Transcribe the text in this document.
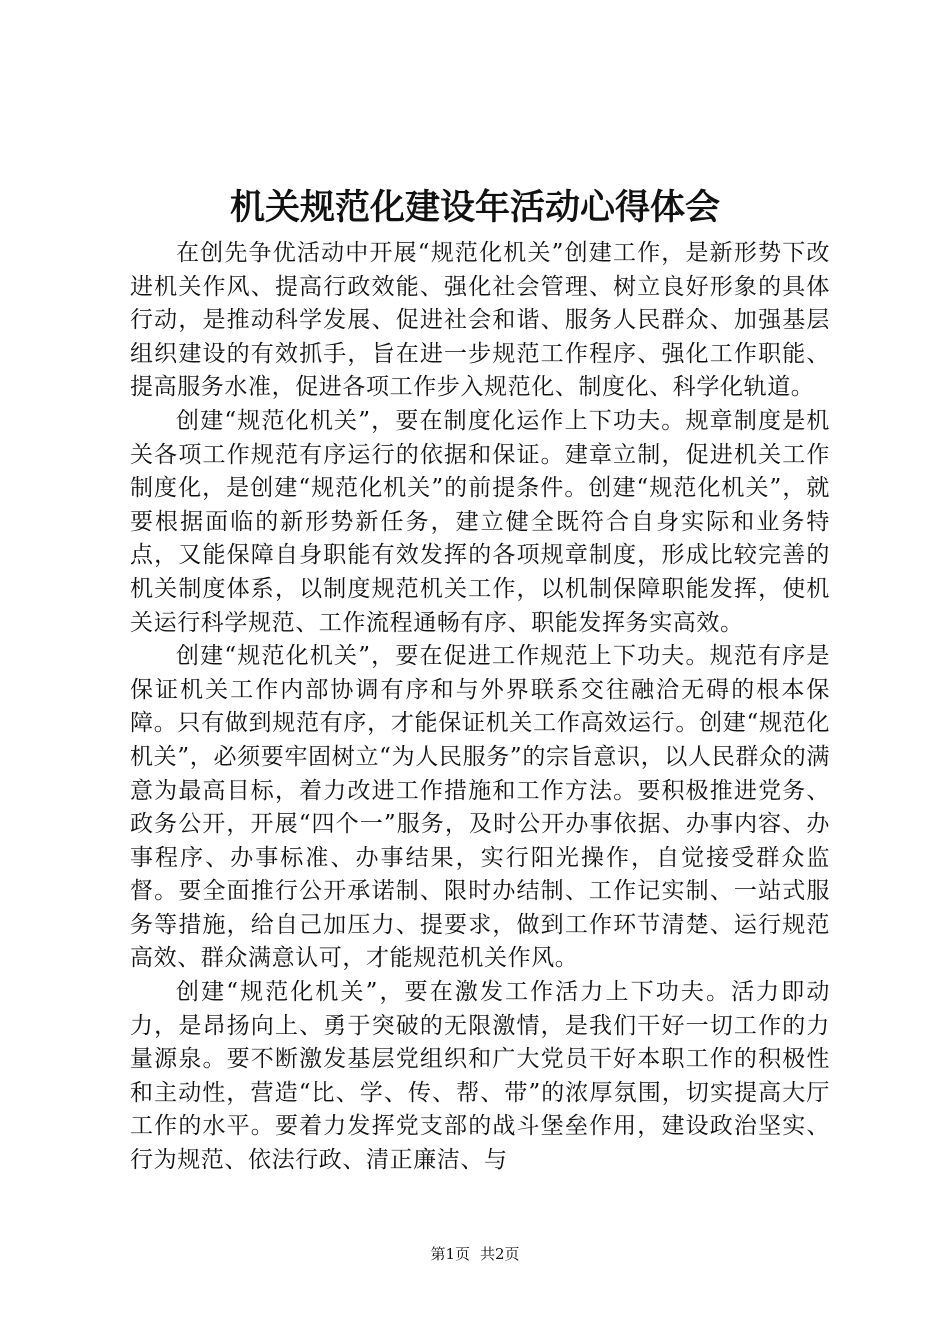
机关规范化建设年活动心得体会

在创先争优活动中开展“规范化机关”创建工作，是新形势下改进机关作风、提高行政效能、强化社会管理、树立良好形象的具体行动，是推动科学发展、促进社会和谐、服务人民群众、加强基层组织建设的有效抓手，旨在进一步规范工作程序、强化工作职能、提高服务水准，促进各项工作步入规范化、制度化、科学化轨道。

创建“规范化机关”，要在制度化运作上下功夫。规章制度是机关各项工作规范有序运行的依据和保证。建章立制，促进机关工作制度化，是创建“规范化机关”的前提条件。创建“规范化机关”，就要根据面临的新形势新任务，建立健全既符合自身实际和业务特点，又能保障自身职能有效发挥的各项规章制度，形成比较完善的机关制度体系，以制度规范机关工作，以机制保障职能发挥，使机关运行科学规范、工作流程通畅有序、职能发挥务实高效。

创建“规范化机关”，要在促进工作规范上下功夫。规范有序是保证机关工作内部协调有序和与外界联系交往融洽无碍的根本保障。只有做到规范有序，才能保证机关工作高效运行。创建“规范化机关”，必须要牢固树立“为人民服务”的宗旨意识，以人民群众的满意为最高目标，着力改进工作措施和工作方法。要积极推进党务、政务公开，开展“四个一”服务，及时公开办事依据、办事内容、办事程序、办事标准、办事结果，实行阳光操作，自觉接受群众监督。要全面推行公开承诺制、限时办结制、工作记实制、一站式服务等措施，给自己加压力、提要求，做到工作环节清楚、运行规范高效、群众满意认可，才能规范机关作风。

创建“规范化机关”，要在激发工作活力上下功夫。活力即动力，是昂扬向上、勇于突破的无限激情，是我们干好一切工作的力量源泉。要不断激发基层党组织和广大党员干好本职工作的积极性和主动性，营造“比、学、传、帮、带”的浓厚氛围，切实提高大厅工作的水平。要着力发挥党支部的战斗堡垒作用，建设政治坚实、行为规范、依法行政、清正廉洁、与

第1页 共2页
